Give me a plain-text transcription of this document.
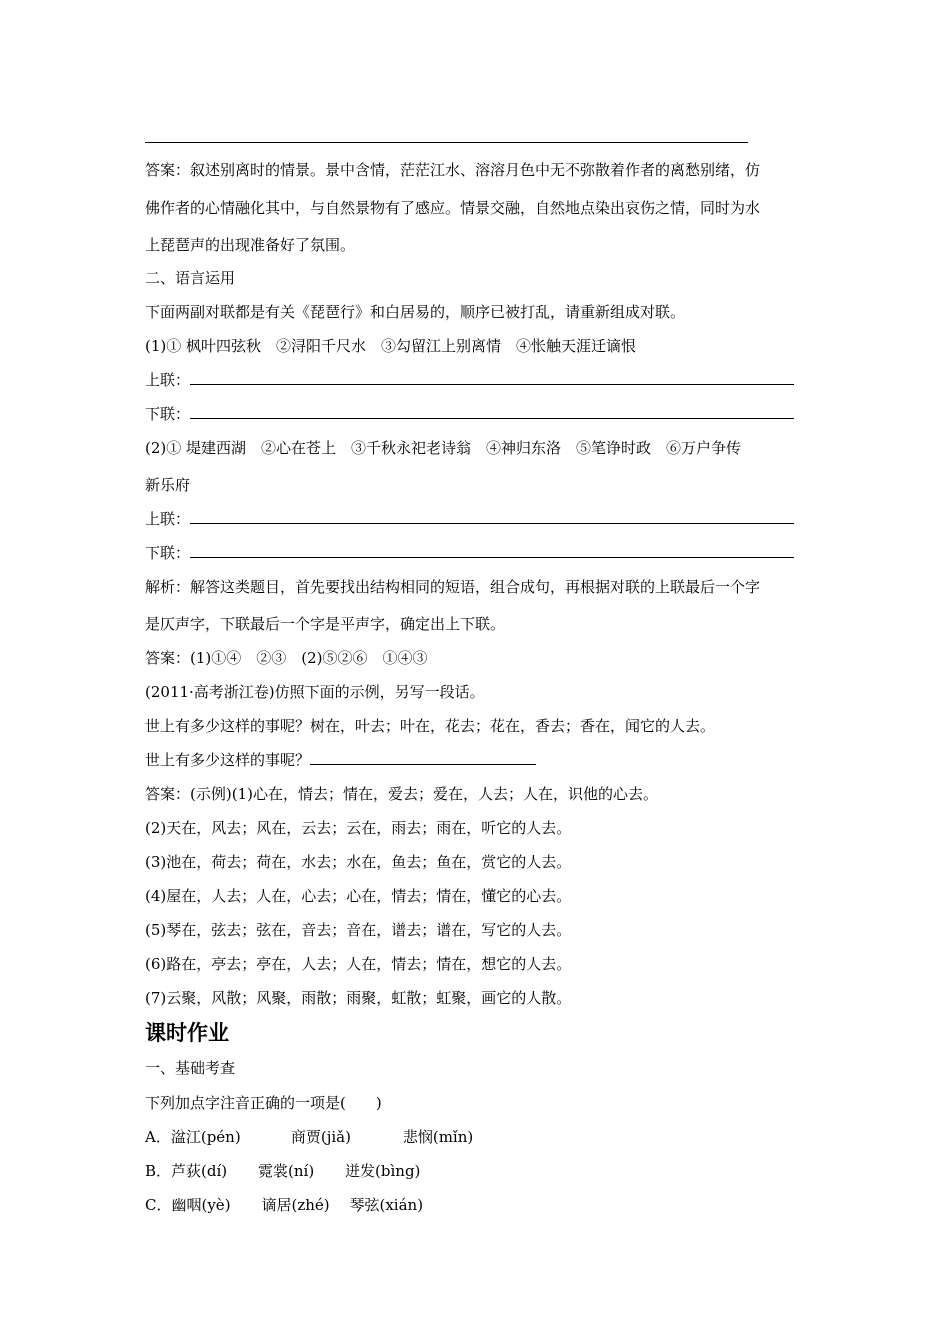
答案：叙述别离时的情景。景中含情，茫茫江水、溶溶月色中无不弥散着作者的离愁别绪，仿
佛作者的心情融化其中，与自然景物有了感应。情景交融，自然地点染出哀伤之情，同时为水
上琵琶声的出现准备好了氛围。
二、语言运用
下面两副对联都是有关《琵琶行》和白居易的，顺序已被打乱，请重新组成对联。
(1)① 枫叶四弦秋　②浔阳千尺水　③勾留江上别离情　④怅触天涯迁谪恨
上联：
下联：
(2)① 堤建西湖　②心在苍上　③千秋永祀老诗翁　④神归东洛　⑤笔诤时政　⑥万户争传
新乐府
上联：
下联：
解析：解答这类题目，首先要找出结构相同的短语，组合成句，再根据对联的上联最后一个字
是仄声字，下联最后一个字是平声字，确定出上下联。
答案：(1)①④　②③　(2)⑤②⑥　①④③
(2011·高考浙江卷)仿照下面的示例，另写一段话。
世上有多少这样的事呢？树在，叶去；叶在，花去；花在，香去；香在，闻它的人去。
世上有多少这样的事呢？
答案：(示例)(1)心在，情去；情在，爱去；爱在，人去；人在，识他的心去。
(2)天在，风去；风在，云去；云在，雨去；雨在，听它的人去。
(3)池在，荷去；荷在，水去；水在，鱼去；鱼在，赏它的人去。
(4)屋在，人去；人在，心去；心在，情去；情在，懂它的心去。
(5)琴在，弦去；弦在，音去；音在，谱去；谱在，写它的人去。
(6)路在，亭去；亭在，人去；人在，情去；情在，想它的人去。
(7)云聚，风散；风聚，雨散；雨聚，虹散；虹聚，画它的人散。
课时作业
一、基础考查
下列加点字注音正确的一项是(　　)
A．湓江(pén)	商贾(jiǎ)	悲悯(mǐn)
B．芦荻(dí) 霓裳(ní) 迸发(bìng)
C．幽咽(yè) 谪居(zhé) 琴弦(xián)
